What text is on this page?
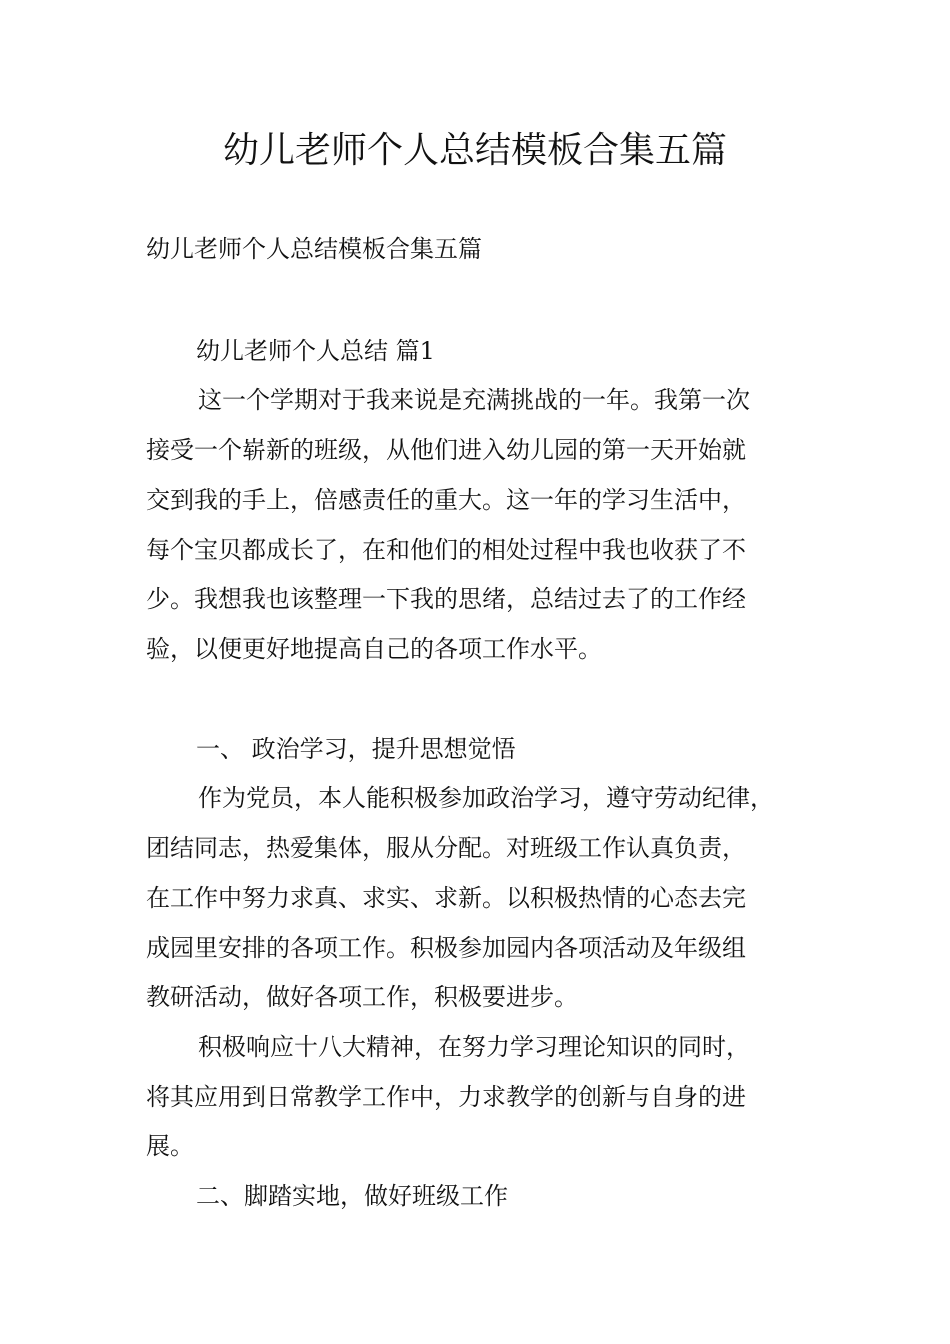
幼儿老师个人总结模板合集五篇

幼儿老师个人总结模板合集五篇

幼儿老师个人总结 篇1

这一个学期对于我来说是充满挑战的一年。我第一次

接受一个崭新的班级，从他们进入幼儿园的第一天开始就

交到我的手上，倍感责任的重大。这一年的学习生活中，

每个宝贝都成长了，在和他们的相处过程中我也收获了不

少。我想我也该整理一下我的思绪，总结过去了的工作经

验，以便更好地提高自己的各项工作水平。

一、 政治学习，提升思想觉悟

作为党员，本人能积极参加政治学习，遵守劳动纪律，

团结同志，热爱集体，服从分配。对班级工作认真负责，

在工作中努力求真、求实、求新。以积极热情的心态去完

成园里安排的各项工作。积极参加园内各项活动及年级组

教研活动，做好各项工作，积极要进步。

积极响应十八大精神，在努力学习理论知识的同时，

将其应用到日常教学工作中，力求教学的创新与自身的进

展。

二、脚踏实地，做好班级工作
